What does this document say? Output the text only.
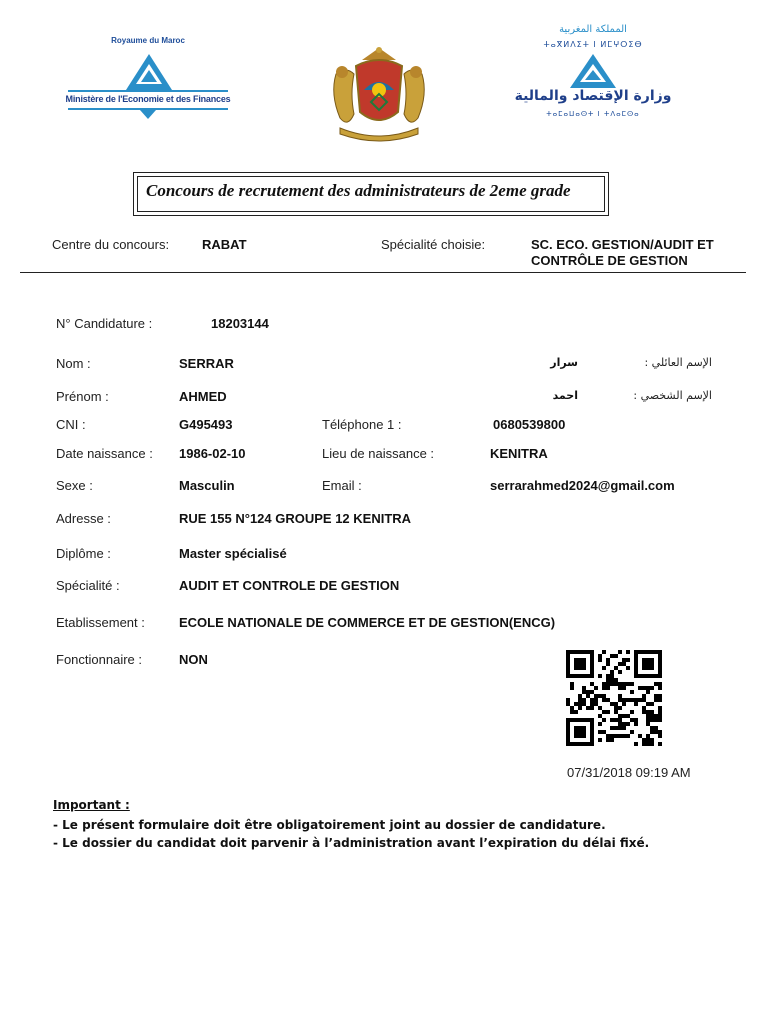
Royaume du Maroc
Ministère de l'Economie et des Finances
المملكة المغربية
ⵜⴰⴳⵍⴷⵉⵜ ⵏ ⵍⵎⵖⵔⵉⴱ
وزارة الإقتصاد والمالية
ⵜⴰⵎⴰⵡⴰⵙⵜ ⵏ ⵜⴷⴰⵎⵙⴰ
Concours de recrutement des administrateurs de 2eme grade
Centre du concours:	RABAT	Spécialité choisie:	SC. ECO. GESTION/AUDIT ET
CONTRÔLE DE GESTION
N° Candidature :	18203144
Nom :	SERRAR	سرار	الإسم العائلي :
Prénom :	AHMED	احمد	الإسم الشخصي :
CNI :	G495493	Téléphone 1 :	0680539800
Date naissance : 1986-02-10	Lieu de naissance :	KENITRA
Sexe :	Masculin	Email :	serrarahmed2024@gmail.com
Adresse :	RUE 155 N°124 GROUPE 12 KENITRA
Diplôme :	Master spécialisé
Spécialité :	AUDIT ET CONTROLE DE GESTION
Etablissement :	ECOLE NATIONALE DE COMMERCE ET DE GESTION(ENCG)
Fonctionnaire :	NON
07/31/2018 09:19 AM
Important :
- Le présent formulaire doit être obligatoirement joint au dossier de candidature.
- Le dossier du candidat doit parvenir à l’administration avant l’expiration du délai fixé.
